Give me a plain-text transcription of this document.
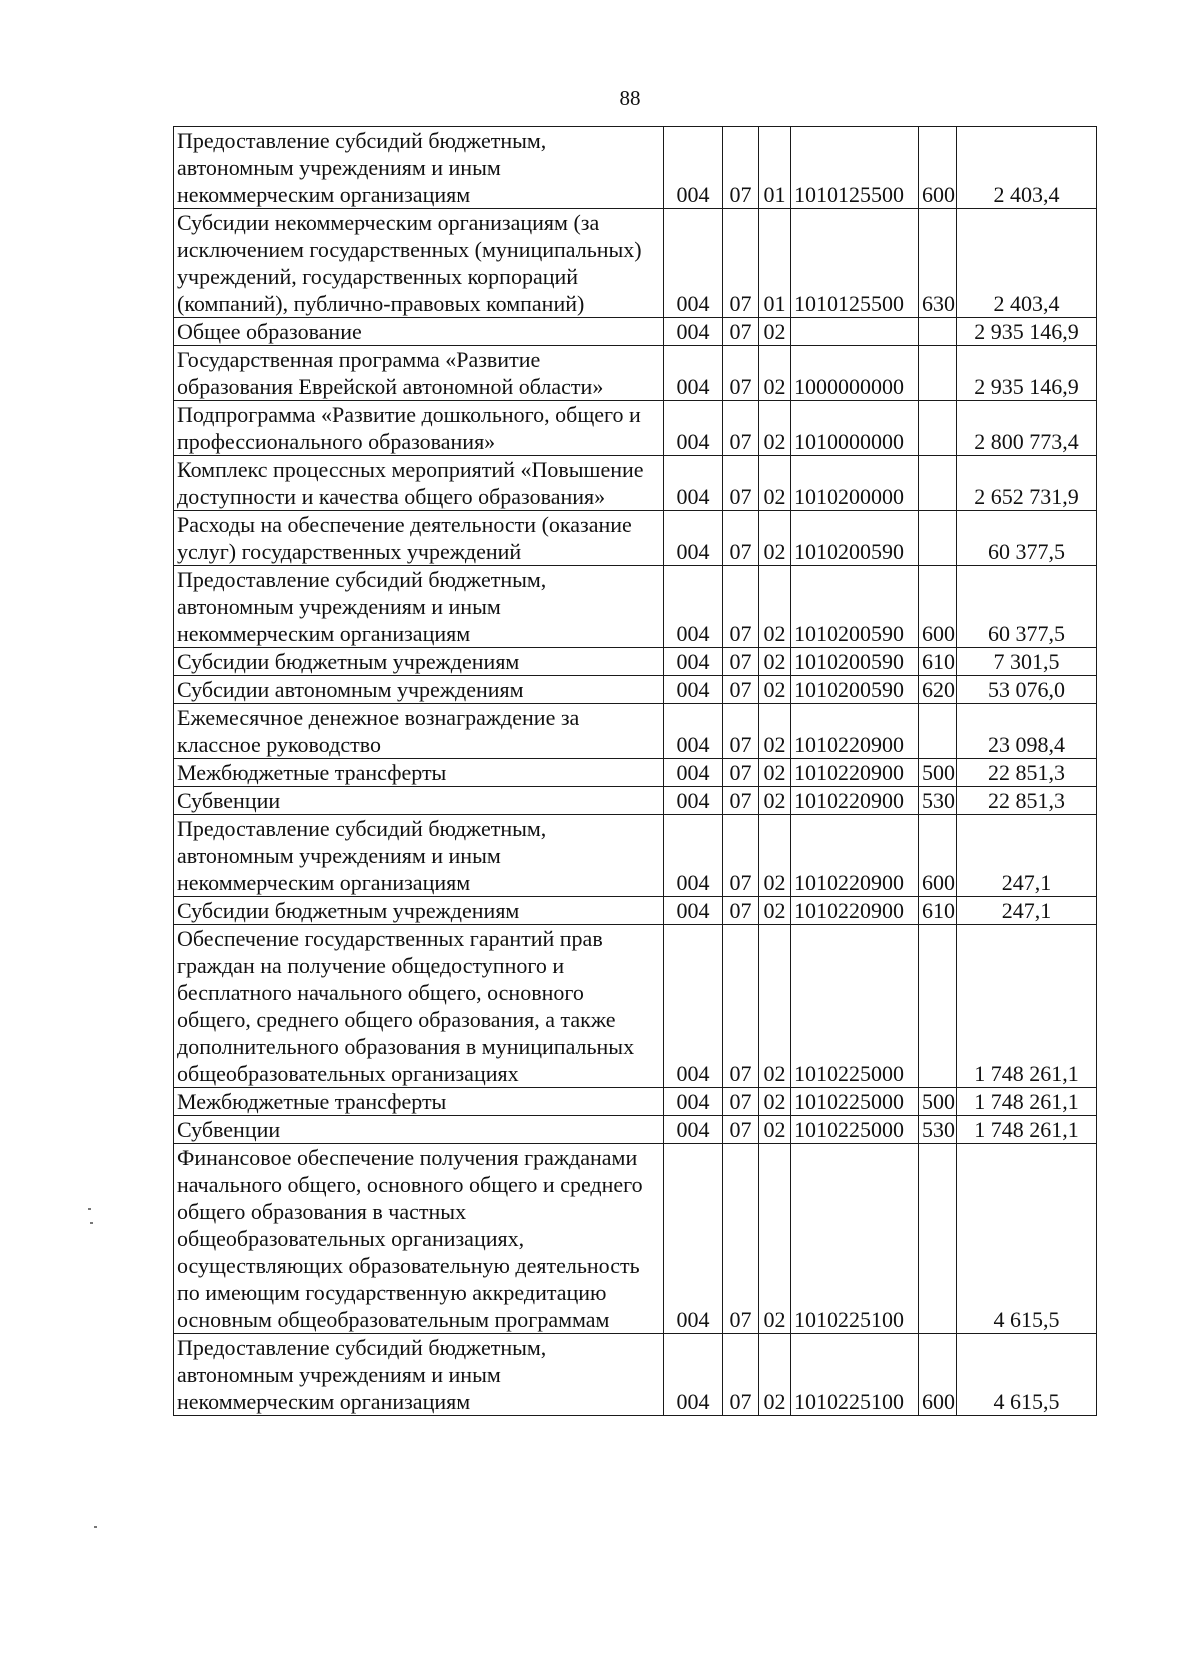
88
Предоставление субсидий бюджетным, автономным учреждениям и иным некоммерческим организациям	004	07	01	1010125500	600	2 403,4
Субсидии некоммерческим организациям (за исключением государственных (муниципальных) учреждений, государственных корпораций (компаний), публично-правовых компаний)	004	07	01	1010125500	630	2 403,4
Общее образование	004	07	02			2 935 146,9
Государственная программа «Развитие образования Еврейской автономной области»	004	07	02	1000000000		2 935 146,9
Подпрограмма «Развитие дошкольного, общего и профессионального образования»	004	07	02	1010000000		2 800 773,4
Комплекс процессных мероприятий «Повышение доступности и качества общего образования»	004	07	02	1010200000		2 652 731,9
Расходы на обеспечение деятельности (оказание услуг) государственных учреждений	004	07	02	1010200590		60 377,5
Предоставление субсидий бюджетным, автономным учреждениям и иным некоммерческим организациям	004	07	02	1010200590	600	60 377,5
Субсидии бюджетным учреждениям	004	07	02	1010200590	610	7 301,5
Субсидии автономным учреждениям	004	07	02	1010200590	620	53 076,0
Ежемесячное денежное вознаграждение за классное руководство	004	07	02	1010220900		23 098,4
Межбюджетные трансферты	004	07	02	1010220900	500	22 851,3
Субвенции	004	07	02	1010220900	530	22 851,3
Предоставление субсидий бюджетным, автономным учреждениям и иным некоммерческим организациям	004	07	02	1010220900	600	247,1
Субсидии бюджетным учреждениям	004	07	02	1010220900	610	247,1
Обеспечение государственных гарантий прав граждан на получение общедоступного и бесплатного начального общего, основного общего, среднего общего образования, а также дополнительного образования в муниципальных общеобразовательных организациях	004	07	02	1010225000		1 748 261,1
Межбюджетные трансферты	004	07	02	1010225000	500	1 748 261,1
Субвенции	004	07	02	1010225000	530	1 748 261,1
Финансовое обеспечение получения гражданами начального общего, основного общего и среднего общего образования в частных общеобразовательных организациях, осуществляющих образовательную деятельность по имеющим государственную аккредитацию основным общеобразовательным программам	004	07	02	1010225100		4 615,5
Предоставление субсидий бюджетным, автономным учреждениям и иным некоммерческим организациям	004	07	02	1010225100	600	4 615,5
